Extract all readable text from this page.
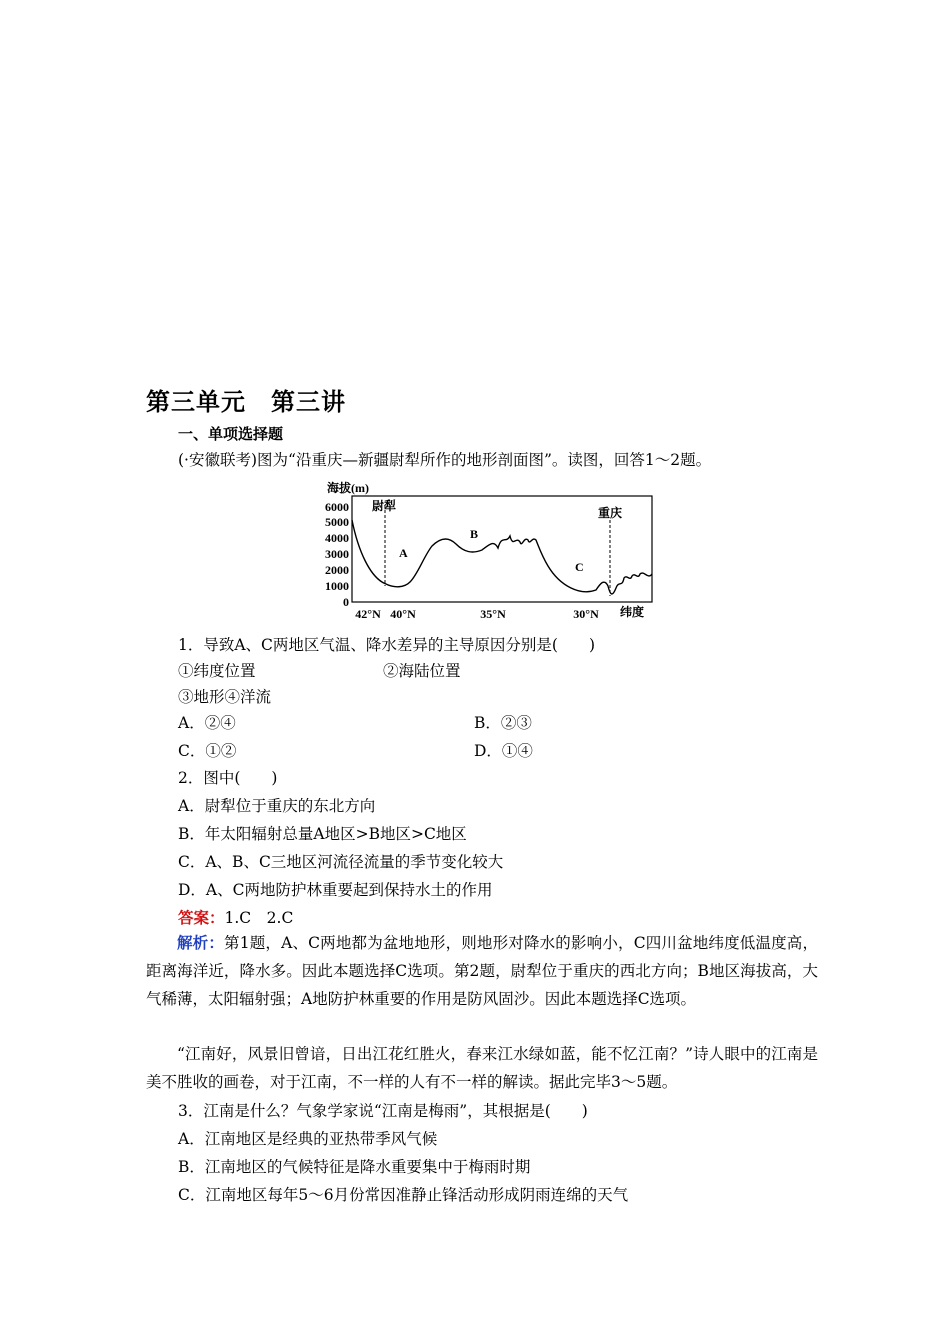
第三单元　第三讲
一、单项选择题
(·安徽联考)图为“沿重庆—新疆尉犁所作的地形剖面图”。读图，回答1～2题。
海拔(m)
6000
5000
4000
3000
2000
1000
0
尉犁	重庆
A
B
C
42°N 40°N	35°N	30°N 纬度
1．导致A、C两地区气温、降水差异的主导原因分别是(　　)
①纬度位置	②海陆位置
③地形④洋流
A．②④	B．②③
C．①②	D．①④
2．图中(　　)
A．尉犁位于重庆的东北方向
B．年太阳辐射总量A地区>B地区>C地区
C．A、B、C三地区河流径流量的季节变化较大
D．A、C两地防护林重要起到保持水土的作用
答案：1.C　2.C
解析：第1题，A、C两地都为盆地地形，则地形对降水的影响小，C四川盆地纬度低温度高，距离海洋近，降水多。因此本题选择C选项。第2题，尉犁位于重庆的西北方向；B地区海拔高，大气稀薄，太阳辐射强；A地防护林重要的作用是防风固沙。因此本题选择C选项。
“江南好，风景旧曾谙，日出江花红胜火，春来江水绿如蓝，能不忆江南？”诗人眼中的江南是美不胜收的画卷，对于江南，不一样的人有不一样的解读。据此完毕3～5题。
3．江南是什么？气象学家说“江南是梅雨”，其根据是(　　)
A．江南地区是经典的亚热带季风气候
B．江南地区的气候特征是降水重要集中于梅雨时期
C．江南地区每年5～6月份常因准静止锋活动形成阴雨连绵的天气
